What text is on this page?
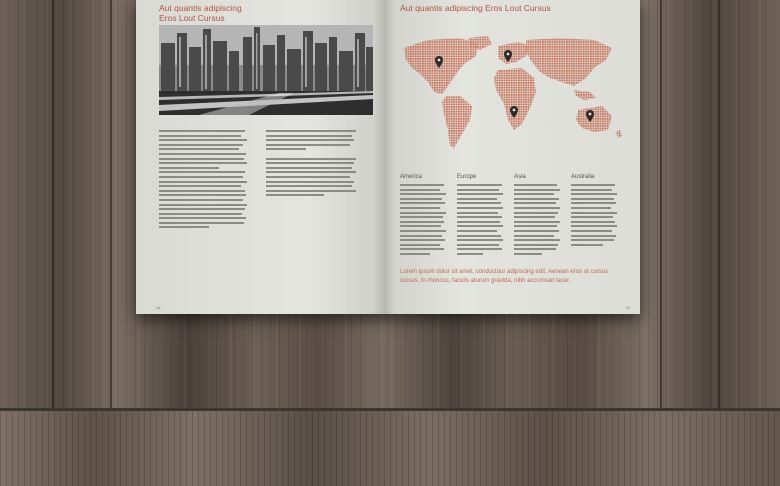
Aut quantis adipiscing
Eros Lout Cursus
16
Aut quantis adipiscing Eros Lout Cursus
America	Europe	Asia	Australia
Lorem ipsum dolor sit amet, conductour adipiscing edit. Aenean eros ut cursus cursus, in rhoncus, faculis aturum gravida, nibh accumsan lacer.
31
